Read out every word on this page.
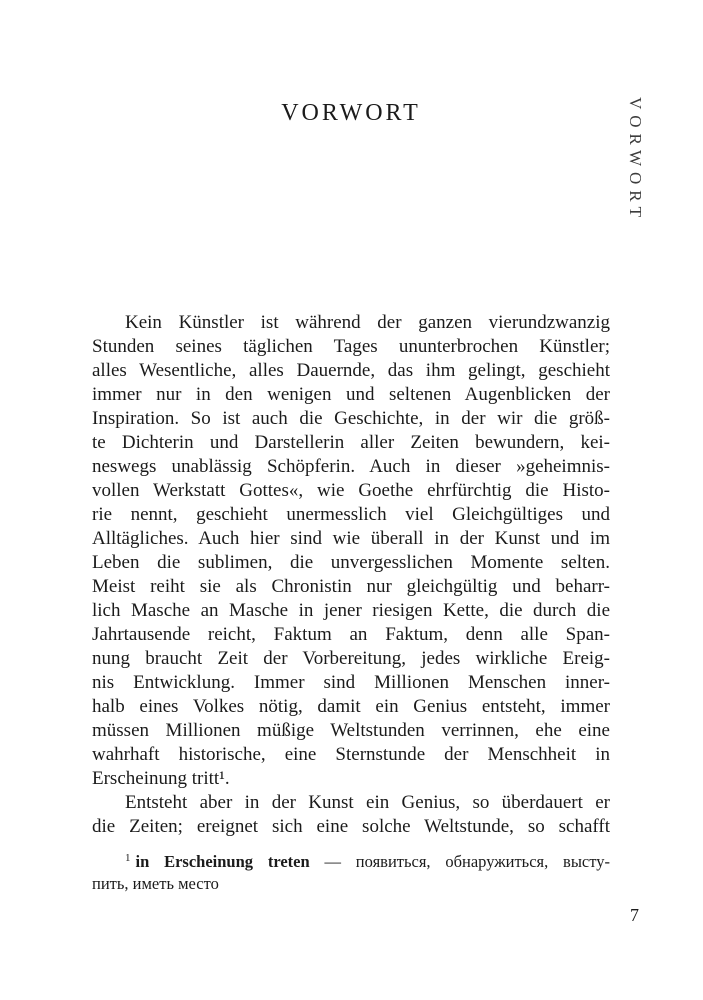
VORWORT	VORWORT
Kein Künstler ist während der ganzen vierundzwanzig
Stunden seines täglichen Tages ununterbrochen Künstler;
alles Wesentliche, alles Dauernde, das ihm gelingt, geschieht
immer nur in den wenigen und seltenen Augenblicken der
Inspiration. So ist auch die Geschichte, in der wir die größ-
te Dichterin und Darstellerin aller Zeiten bewundern, kei-
neswegs unablässig Schöpferin. Auch in dieser »geheimnis-
vollen Werkstatt Gottes«, wie Goethe ehrfürchtig die Histo-
rie nennt, geschieht unermesslich viel Gleichgültiges und
Alltägliches. Auch hier sind wie überall in der Kunst und im
Leben die sublimen, die unvergesslichen Momente selten.
Meist reiht sie als Chronistin nur gleichgültig und beharr-
lich Masche an Masche in jener riesigen Kette, die durch die
Jahrtausende reicht, Faktum an Faktum, denn alle Span-
nung braucht Zeit der Vorbereitung, jedes wirkliche Ereig-
nis Entwicklung. Immer sind Millionen Menschen inner-
halb eines Volkes nötig, damit ein Genius entsteht, immer
müssen Millionen müßige Weltstunden verrinnen, ehe eine
wahrhaft historische, eine Sternstunde der Menschheit in
Erscheinung tritt¹.
Entsteht aber in der Kunst ein Genius, so überdauert er
die Zeiten; ereignet sich eine solche Weltstunde, so schafft
$^1$ in Erscheinung treten — появиться, обнаружиться, высту-
пить, иметь место
7
